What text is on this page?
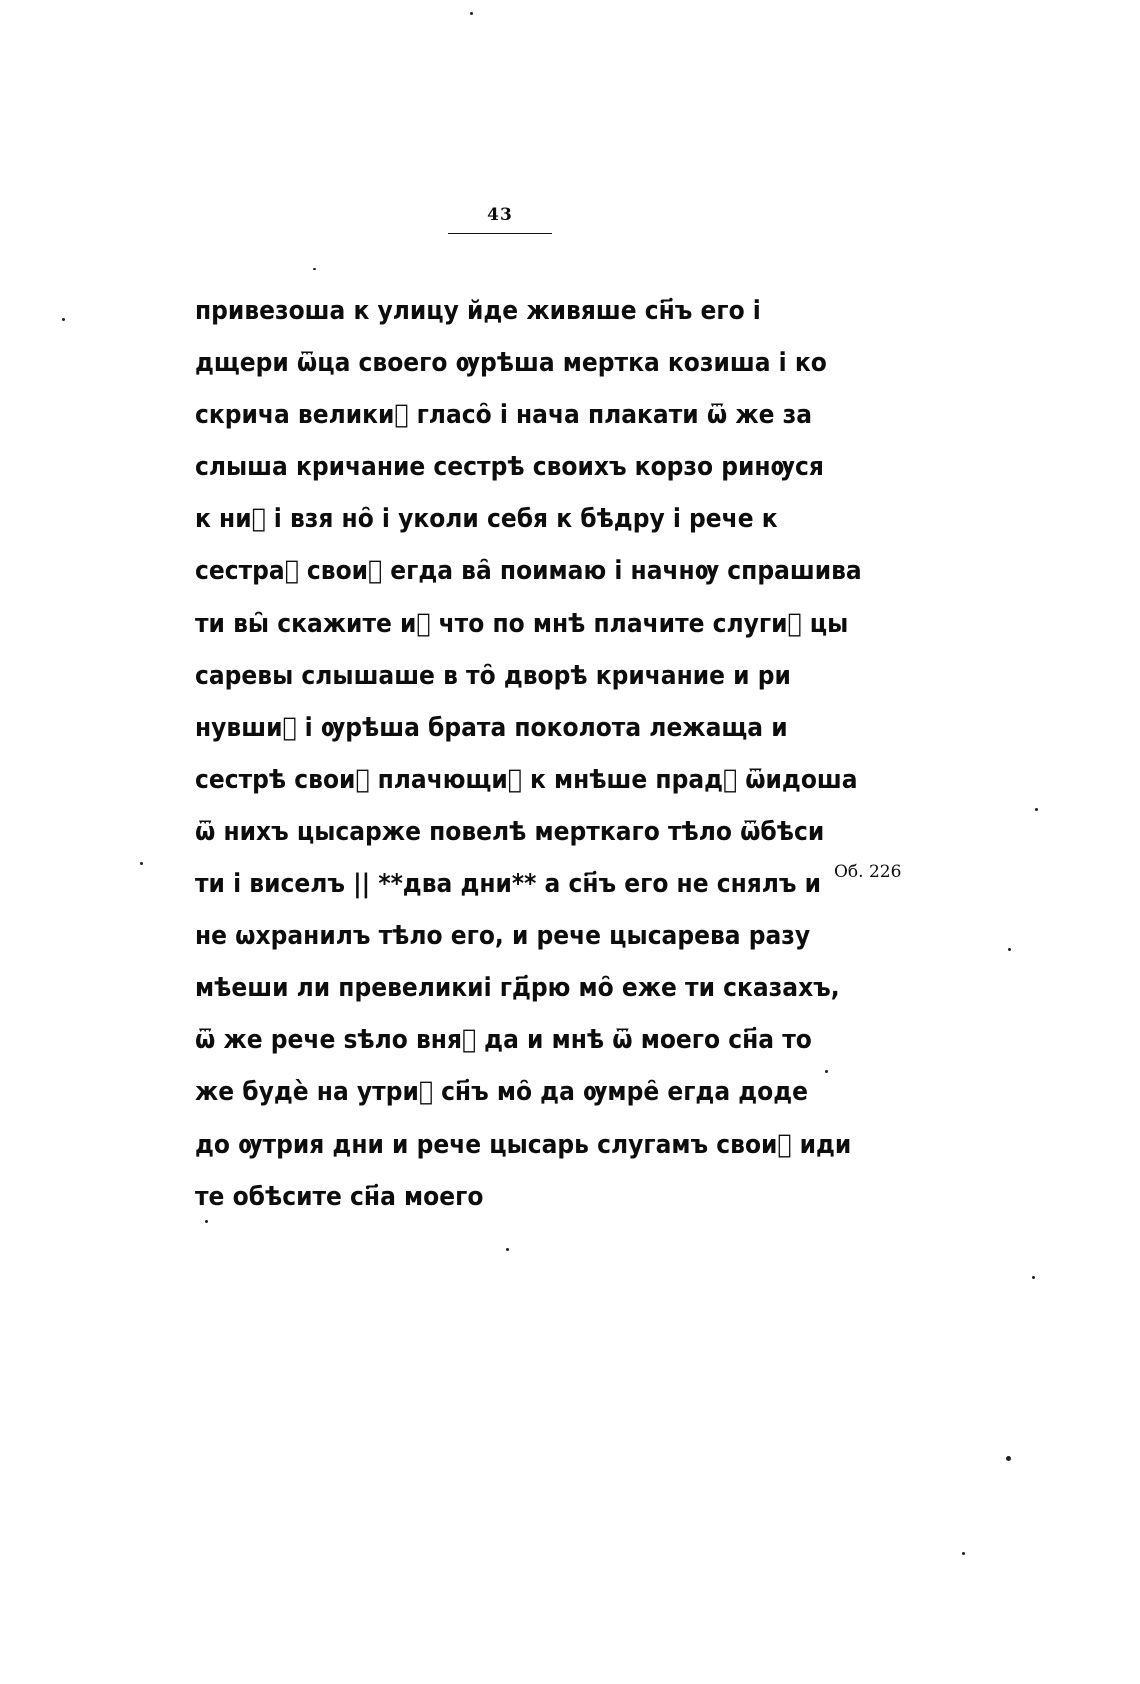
43
привезоша к улицу йде живяше сн҃ъ его і
дщери ѿца своего ѹрѣша мертка козиша і ко
скрича великиⷨ гласо̑ і нача плакати ѿ же за
слыша кричание сестрѣ своихъ корзо ринѹся
к ниⷨ і взя но̑ і уколи себя к бѣдру і рече к
сестраⷨ своиⷨ егда ва̑ поимаю і начнѹ спрашива
ти вы̑ скажите иⷨ что по мнѣ плачите слугиⷨ цы
саревы слышаше в то̑ дворѣ кричание и ри
нувшиⷨ і ѹрѣша брата поколота лежаща и
сестрѣ своиⷨ плачющиⷨ к мнѣше прадꙋ ѿидоша
ѿ нихъ цысарже повелѣ мерткаго тѣло ѿбѣси
ти і виселъ || **два дни** а сн҃ъ его не снялъ и
не ѡхранилъ тѣло его, и рече цысарева разу
мѣеши ли превеликиі гд҃рю мо̑ еже ти сказахъ,
ѿ же рече ѕѣло вняⷨ да и мнѣ ѿ моего сн҃а то
же будѐ на утриⷨ сн҃ъ мо̑ да ѹмре̑ егда доде
до ѹтрия дни и рече цысарь слугамъ своиⷨ иди
те обѣсите сн҃а моего
Об. 226
